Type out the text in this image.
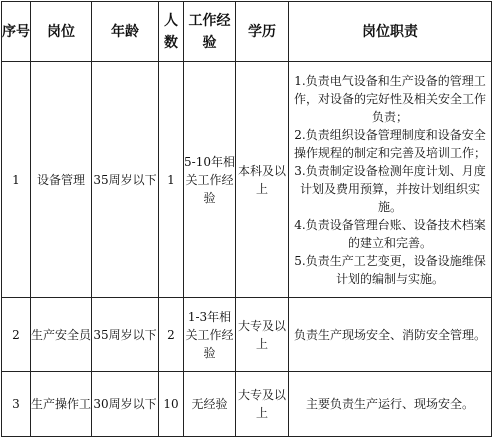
序号	岗位	年龄	人数	工作经验	学历	岗位职责
1	设备管理	35周岁以下	1	5-10年相关工作经验	本科及以上	1.负责电气设备和生产设备的管理工作，对设备的完好性及相关安全工作负责；
2.负责组织设备管理制度和设备安全操作规程的制定和完善及培训工作；
3.负责制定设备检测年度计划、月度计划及费用预算，并按计划组织实施。
4.负责设备管理台账、设备技术档案的建立和完善。
5.负责生产工艺变更，设备设施维保计划的编制与实施。

2	生产安全员	35周岁以下	2	1-3年相关工作经验	大专及以上	负责生产现场安全、消防安全管理。

3	生产操作工	30周岁以下	10	无经验	大专及以上	主要负责生产运行、现场安全。
